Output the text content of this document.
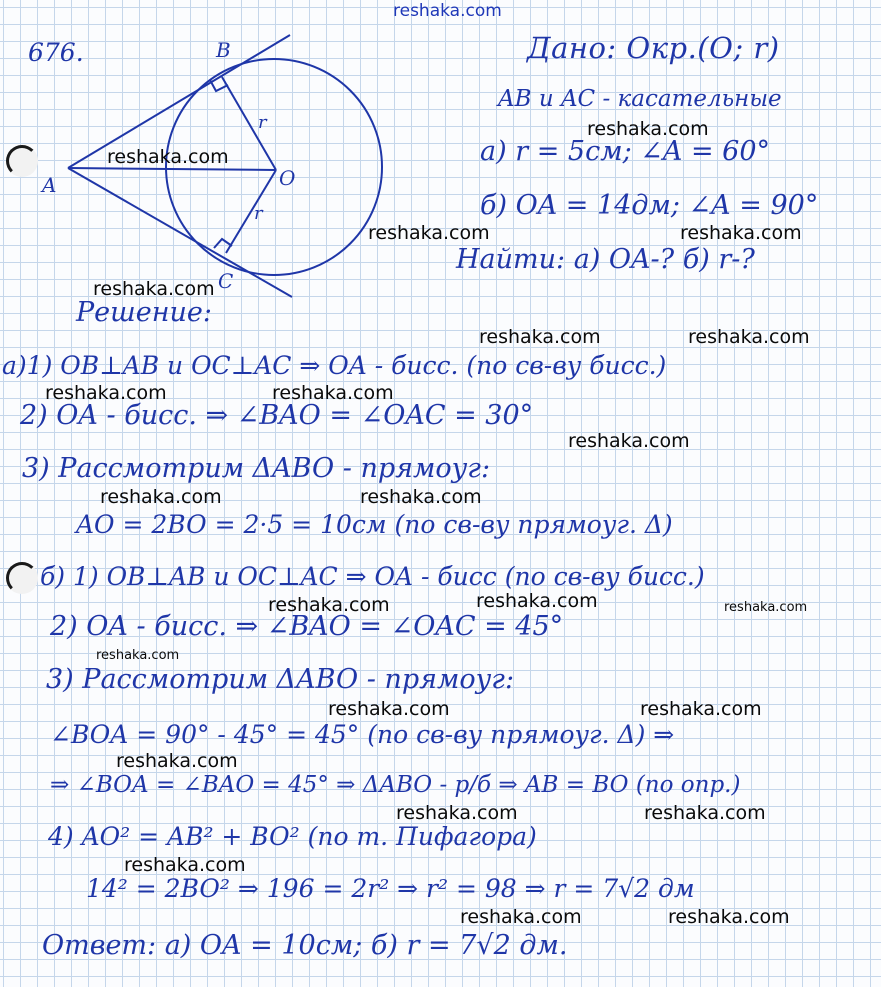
reshaka.com
B
A	O
C
r
r
676.	Дано: Окр.(O; r)
AB и AC - касательные
а) r = 5см; ∠A = 60°
б) OA = 14дм; ∠A = 90°
Найти: а) OA-? б) r-?
Решение:
а)1) OB⊥AB и OC⊥AC ⇒ OA - бисс. (по св-ву бисс.)
2) OA - бисс. ⇒ ∠BAO = ∠OAC = 30°
3) Рассмотрим ΔABO - прямоуг:
AO = 2BO = 2·5 = 10см (по св-ву прямоуг. Δ)
б) 1) OB⊥AB и OC⊥AC ⇒ OA - бисс (по св-ву бисс.)
2) OA - бисс. ⇒ ∠BAO = ∠OAC = 45°
3) Рассмотрим ΔABO - прямоуг:
∠BOA = 90° - 45° = 45° (по св-ву прямоуг. Δ) ⇒
⇒ ∠BOA = ∠BAO = 45° ⇒ ΔABO - р/б ⇒ AB = BO (по опр.)
4) AO² = AB² + BO² (по т. Пифагора)
14² = 2BO² ⇒ 196 = 2r² ⇒ r² = 98 ⇒ r = 7√2 дм
Ответ: а) OA = 10см; б) r = 7√2 дм.
reshaka.com
reshaka.com
reshaka.com	reshaka.com
reshaka.com
reshaka.com	reshaka.com
reshaka.com	reshaka.com
reshaka.com
reshaka.com	reshaka.com
reshaka.com
reshaka.com	reshaka.com
reshaka.com
reshaka.com	reshaka.com
reshaka.com
reshaka.com	reshaka.com
reshaka.com
reshaka.com	reshaka.com
